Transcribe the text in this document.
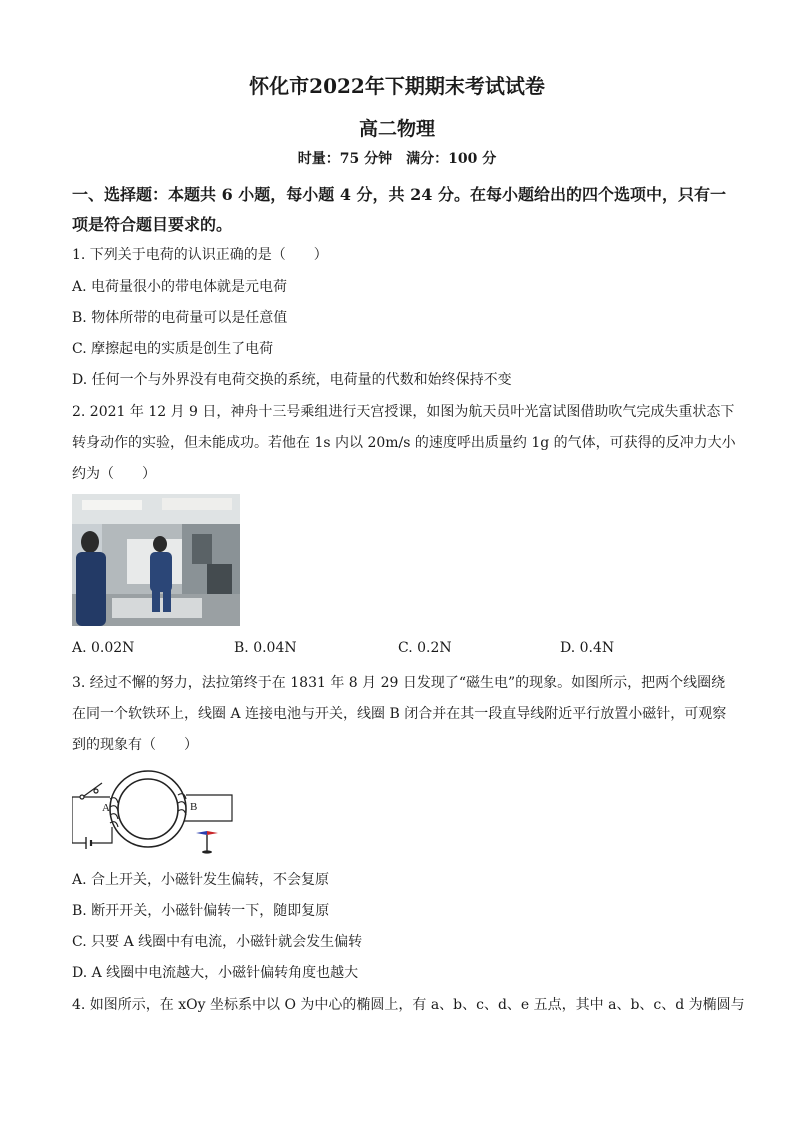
怀化市2022年下期期末考试试卷
高二物理
时量：75 分钟　满分：100 分
一、选择题：本题共 6 小题，每小题 4 分，共 24 分。在每小题给出的四个选项中，只有一
项是符合题目要求的。
1. 下列关于电荷的认识正确的是（　　）
A. 电荷量很小的带电体就是元电荷
B. 物体所带的电荷量可以是任意值
C. 摩擦起电的实质是创生了电荷
D. 任何一个与外界没有电荷交换的系统，电荷量的代数和始终保持不变
2. 2021 年 12 月 9 日，神舟十三号乘组进行天宫授课，如图为航天员叶光富试图借助吹气完成失重状态下
转身动作的实验，但未能成功。若他在 1s 内以 20m/s 的速度呼出质量约 1g 的气体，可获得的反冲力大小
约为（　　）
A. 0.02N	B. 0.04N	C. 0.2N	D. 0.4N
3. 经过不懈的努力，法拉第终于在 1831 年 8 月 29 日发现了“磁生电”的现象。如图所示，把两个线圈绕
在同一个软铁环上，线圈 A 连接电池与开关，线圈 B 闭合并在其一段直导线附近平行放置小磁针，可观察
到的现象有（　　）
A	B
A. 合上开关，小磁针发生偏转，不会复原
B. 断开开关，小磁针偏转一下，随即复原
C. 只要 A 线圈中有电流，小磁针就会发生偏转
D. A 线圈中电流越大，小磁针偏转角度也越大
4. 如图所示，在 xOy 坐标系中以 O 为中心的椭圆上，有 a、b、c、d、e 五点，其中 a、b、c、d 为椭圆与
